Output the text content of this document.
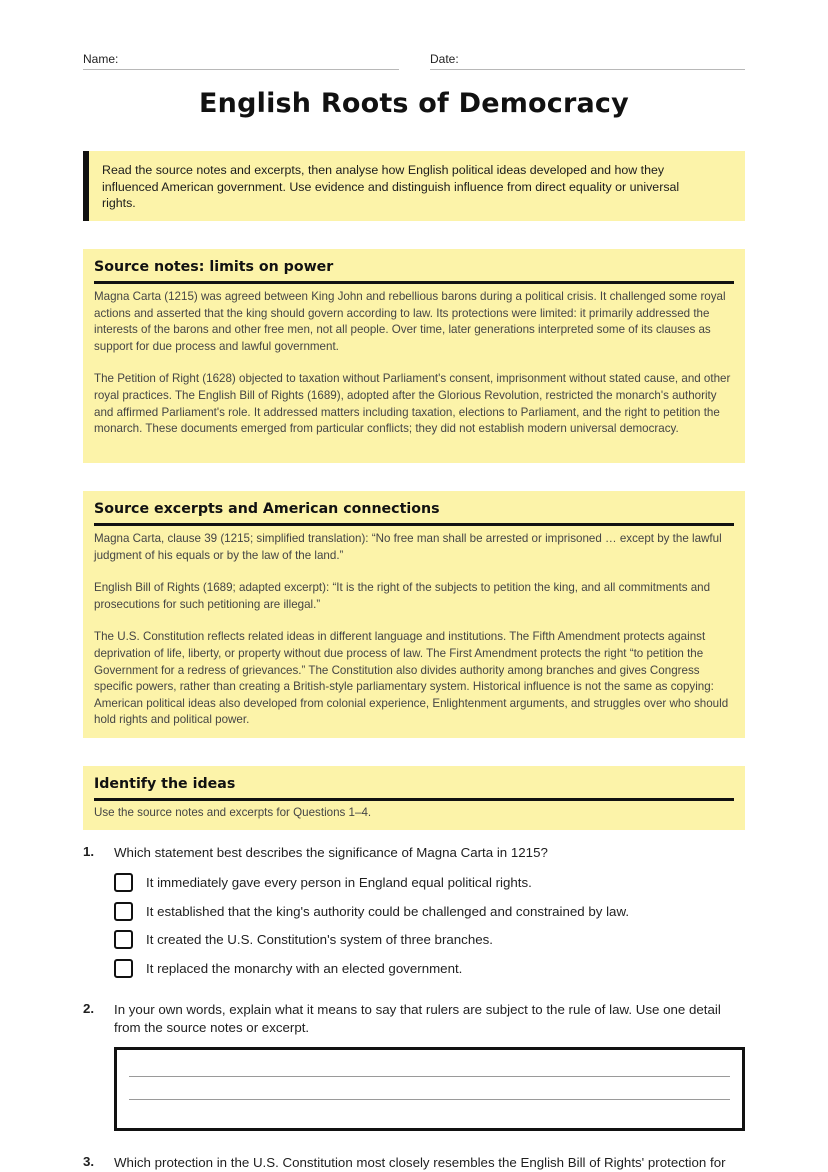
Name:	Date:
English Roots of Democracy
Read the source notes and excerpts, then analyse how English political ideas developed and how they influenced American government. Use evidence and distinguish influence from direct equality or universal rights.
Source notes: limits on power

Magna Carta (1215) was agreed between King John and rebellious barons during a political crisis. It challenged some royal actions and asserted that the king should govern according to law. Its protections were limited: it primarily addressed the interests of the barons and other free men, not all people. Over time, later generations interpreted some of its clauses as support for due process and lawful government.

The Petition of Right (1628) objected to taxation without Parliament's consent, imprisonment without stated cause, and other royal practices. The English Bill of Rights (1689), adopted after the Glorious Revolution, restricted the monarch's authority and affirmed Parliament's role. It addressed matters including taxation, elections to Parliament, and the right to petition the monarch. These documents emerged from particular conflicts; they did not establish modern universal democracy.

Source excerpts and American connections

Magna Carta, clause 39 (1215; simplified translation): “No free man shall be arrested or imprisoned … except by the lawful judgment of his equals or by the law of the land.”

English Bill of Rights (1689; adapted excerpt): “It is the right of the subjects to petition the king, and all commitments and prosecutions for such petitioning are illegal.”

The U.S. Constitution reflects related ideas in different language and institutions. The Fifth Amendment protects against deprivation of life, liberty, or property without due process of law. The First Amendment protects the right “to petition the Government for a redress of grievances.” The Constitution also divides authority among branches and gives Congress specific powers, rather than creating a British-style parliamentary system. Historical influence is not the same as copying: American political ideas also developed from colonial experience, Enlightenment arguments, and struggles over who should hold rights and political power.

Identify the ideas

Use the source notes and excerpts for Questions 1–4.

1. Which statement best describes the significance of Magna Carta in 1215?
It immediately gave every person in England equal political rights.
It established that the king's authority could be challenged and constrained by law.
It created the U.S. Constitution's system of three branches.
It replaced the monarchy with an elected government.
2. In your own words, explain what it means to say that rulers are subject to the rule of law. Use one detail from the source notes or excerpt.
3. Which protection in the U.S. Constitution most closely resembles the English Bill of Rights' protection for
